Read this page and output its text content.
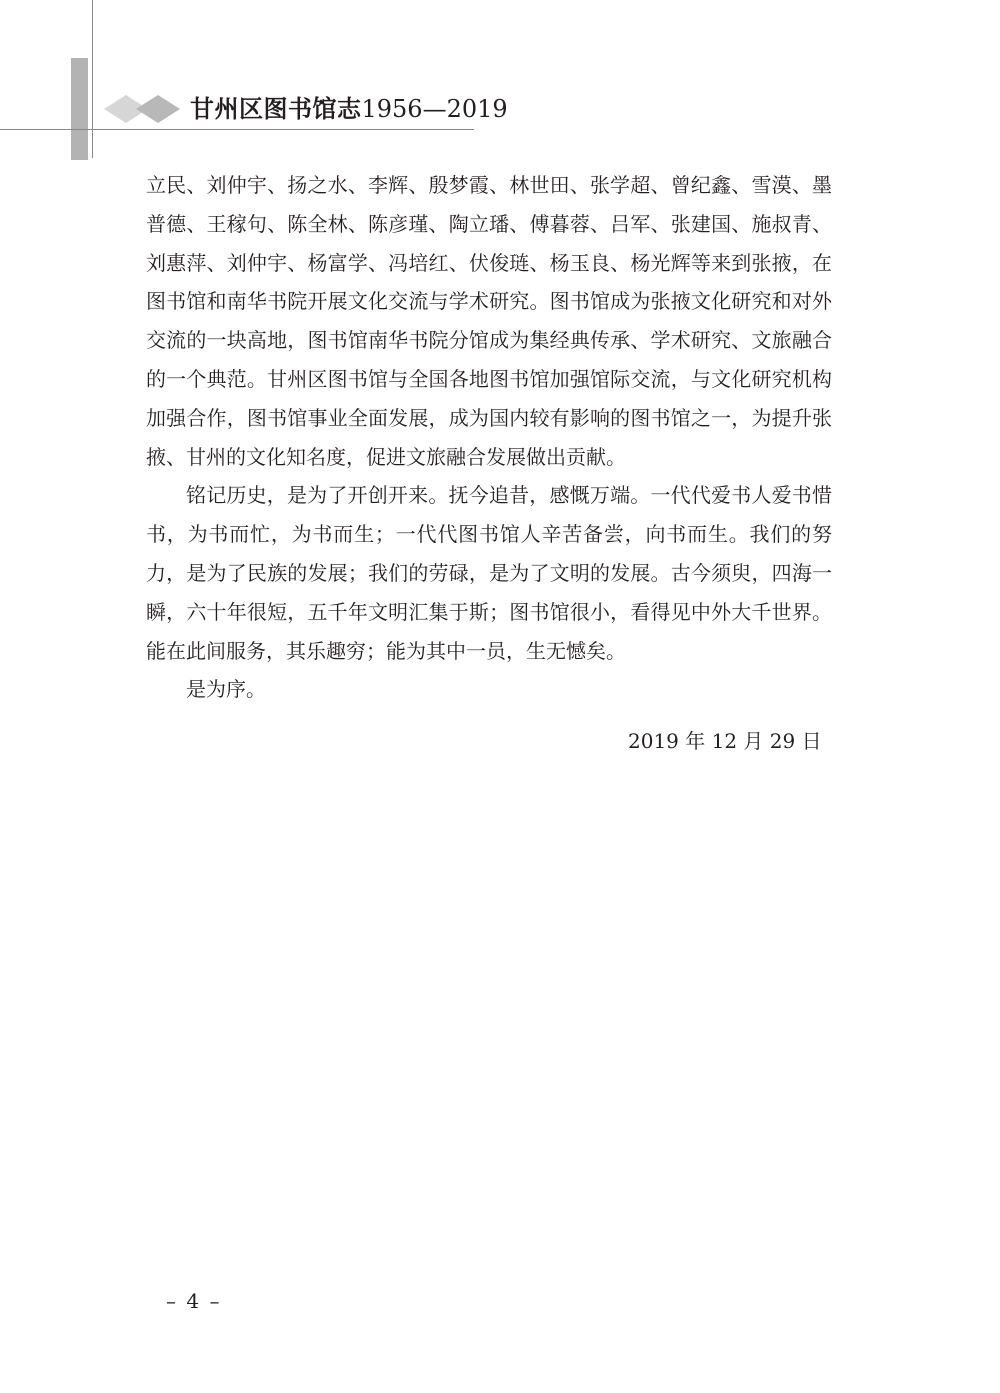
甘州区图书馆志1956—2019

立民、刘仲宇、扬之水、李辉、殷梦霞、林世田、张学超、曾纪鑫、雪漠、墨普德、王稼句、陈全林、陈彦瑾、陶立璠、傅暮蓉、吕军、张建国、施叔青、刘惠萍、刘仲宇、杨富学、冯培红、伏俊琏、杨玉良、杨光辉等来到张掖，在图书馆和南华书院开展文化交流与学术研究。图书馆成为张掖文化研究和对外交流的一块高地，图书馆南华书院分馆成为集经典传承、学术研究、文旅融合的一个典范。甘州区图书馆与全国各地图书馆加强馆际交流，与文化研究机构加强合作，图书馆事业全面发展，成为国内较有影响的图书馆之一，为提升张掖、甘州的文化知名度，促进文旅融合发展做出贡献。

铭记历史，是为了开创开来。抚今追昔，感慨万端。一代代爱书人爱书惜书，为书而忙，为书而生；一代代图书馆人辛苦备尝，向书而生。我们的努力，是为了民族的发展；我们的劳碌，是为了文明的发展。古今须臾，四海一瞬，六十年很短，五千年文明汇集于斯；图书馆很小，看得见中外大千世界。能在此间服务，其乐趣穷；能为其中一员，生无憾矣。

是为序。

2019 年 12 月 29 日

– 4 –
